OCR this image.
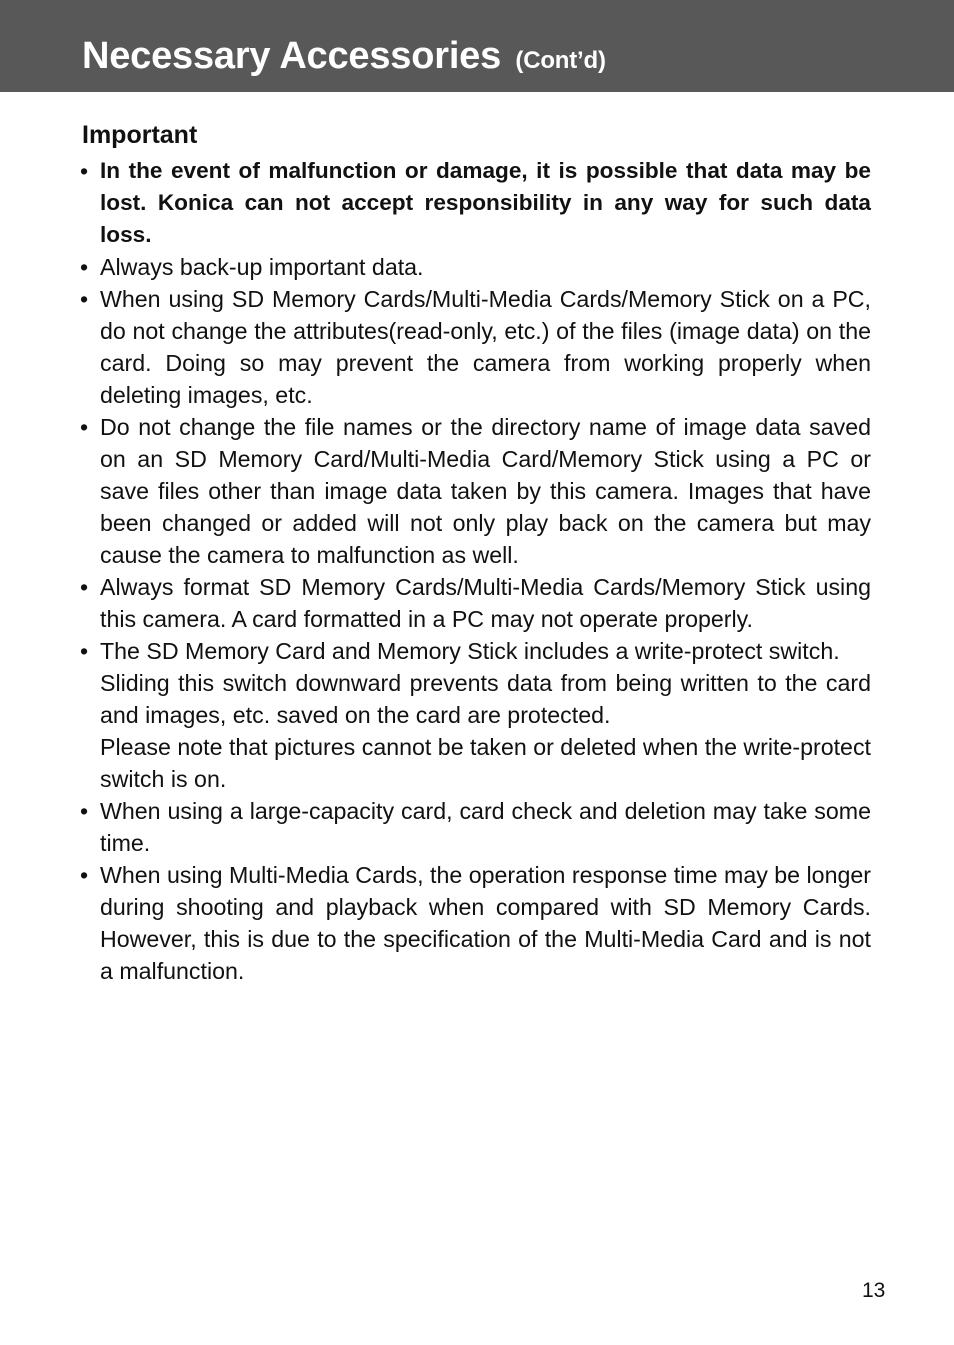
Necessary Accessories (Cont’d)
Important
• In the event of malfunction or damage, it is possible that data may be lost. Konica can not accept responsibility in any way for such data loss.

• Always back-up important data.

• When using SD Memory Cards/Multi-Media Cards/Memory Stick on a PC, do not change the attributes(read-only, etc.) of the files (image data) on the card. Doing so may prevent the camera from working properly when deleting images, etc.

• Do not change the file names or the directory name of image data saved on an SD Memory Card/Multi-Media Card/Memory Stick using a PC or save files other than image data taken by this camera. Images that have been changed or added will not only play back on the camera but may cause the camera to malfunction as well.

• Always format SD Memory Cards/Multi-Media Cards/Memory Stick using this camera. A card formatted in a PC may not operate properly.

• The SD Memory Card and Memory Stick includes a write-protect switch.

Sliding this switch downward prevents data from being written to the card and images, etc. saved on the card are protected.

Please note that pictures cannot be taken or deleted when the write-protect switch is on.

• When using a large-capacity card, card check and deletion may take some time.

• When using Multi-Media Cards, the operation response time may be longer during shooting and playback when compared with SD Memory Cards. However, this is due to the specification of the Multi-Media Card and is not a malfunction.

13
